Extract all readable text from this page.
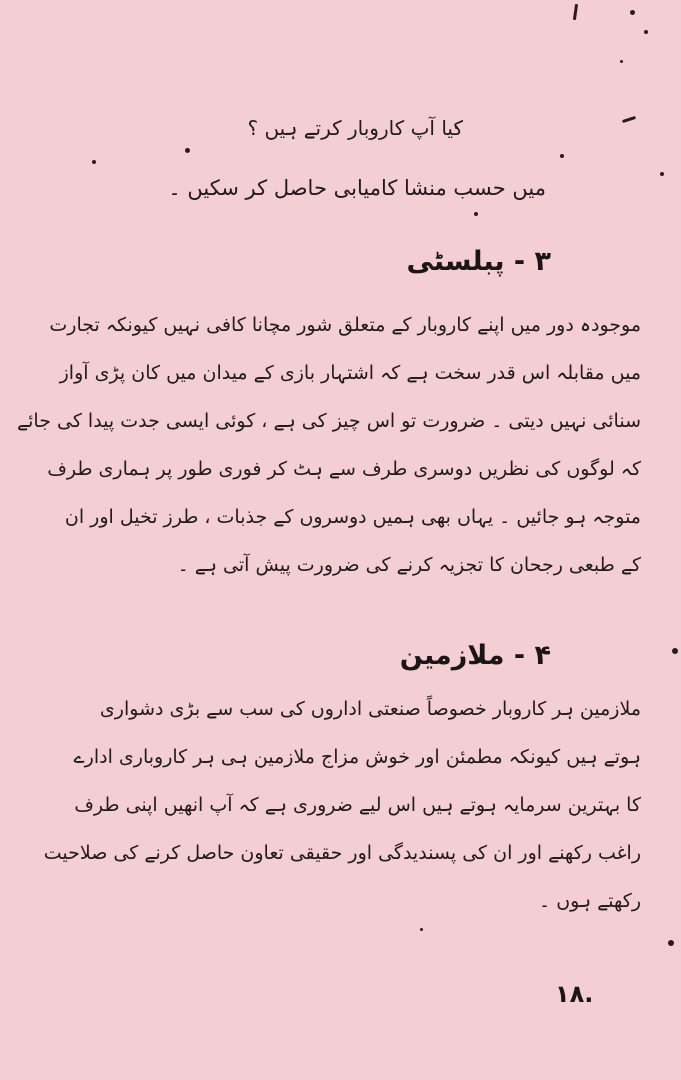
کیا آپ کاروبار کرتے ہیں ؟
میں حسب منشا کامیابی حاصل کر سکیں ۔
۳ - پبلسٹی
موجودہ دور میں اپنے کاروبار کے متعلق شور مچانا کافی نہیں کیونکہ تجارت
میں مقابلہ اس قدر سخت ہے کہ اشتہار بازی کے میدان میں کان پڑی آواز
سنائی نہیں دیتی ۔ ضرورت تو اس چیز کی ہے ، کوئی ایسی جدت پیدا کی جائے
کہ لوگوں کی نظریں دوسری طرف سے ہٹ کر فوری طور پر ہماری طرف
متوجہ ہو جائیں ۔ یہاں بھی ہمیں دوسروں کے جذبات ، طرز تخیل اور ان
کے طبعی رجحان کا تجزیہ کرنے کی ضرورت پیش آتی ہے ۔
۴ - ملازمین
ملازمین ہر کاروبار خصوصاً صنعتی اداروں کی سب سے بڑی دشواری
ہوتے ہیں کیونکہ مطمئن اور خوش مزاج ملازمین ہی ہر کاروباری ادارے
کا بہترین سرمایہ ہوتے ہیں اس لیے ضروری ہے کہ آپ انھیں اپنی طرف
راغب رکھنے اور ان کی پسندیدگی اور حقیقی تعاون حاصل کرنے کی صلاحیت
رکھتے ہوں ۔
۱۸.
